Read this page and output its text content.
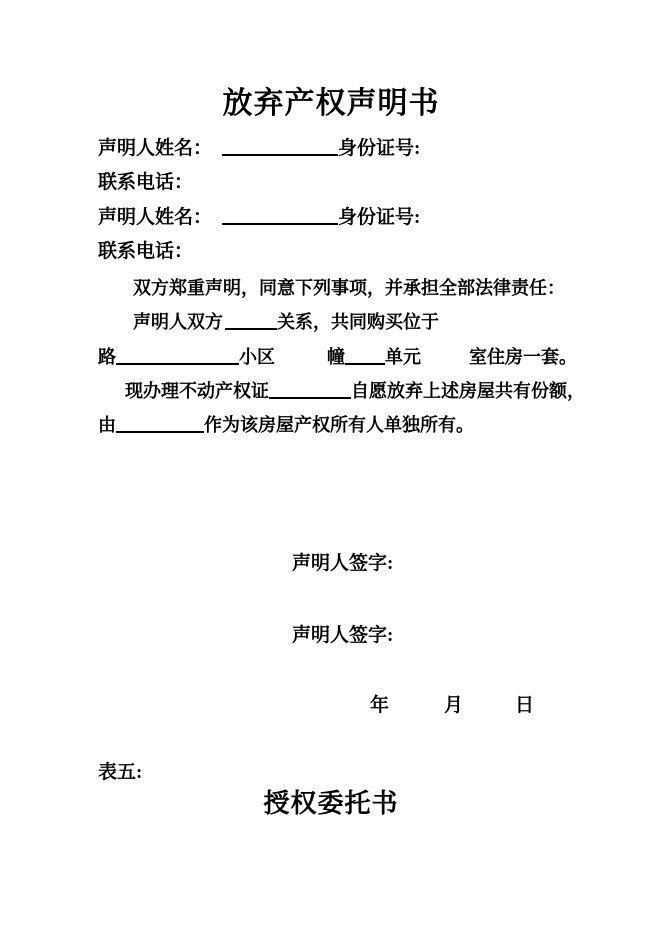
放弃产权声明书
声明人姓名：	身份证号:
联系电话：
声明人姓名：	身份证号:
联系电话：
双方郑重声明，同意下列事项，并承担全部法律责任：
声明人双方	关系，共同购买位于
路	小区	幢 单元	室住房一套。
现办理不动产权证	自愿放弃上述房屋共有份额，
由	作为该房屋产权所有人单独所有。
声明人签字:
声明人签字:
年	月	日
表五:
授权委托书
